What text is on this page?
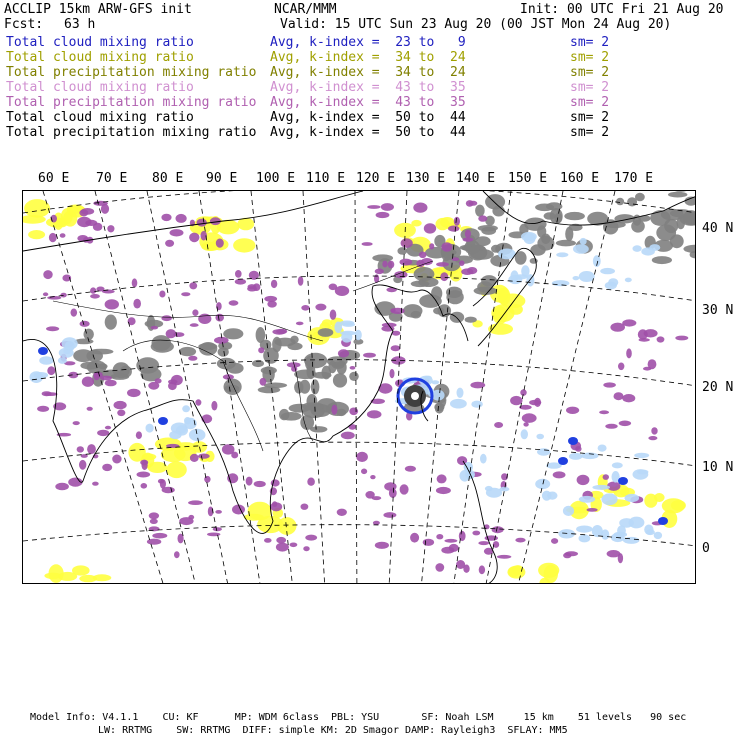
ACCLIP 15km ARW-GFS init	NCAR/MMM	Init: 00 UTC Fri 21 Aug 20
Fcst: 63 h	Valid: 15 UTC Sun 23 Aug 20 (00 JST Mon 24 Aug 20)
Total cloud mixing ratio	Avg, k-index =  23 to   9	sm= 2
Total cloud mixing ratio	Avg, k-index =  34 to  24	sm= 2
Total precipitation mixing ratio Avg, k-index =  34 to  24	sm= 2
Total cloud mixing ratio	Avg, k-index =  43 to  35	sm= 2
Total precipitation mixing ratio Avg, k-index =  43 to  35	sm= 2
Total cloud mixing ratio	Avg, k-index =  50 to  44	sm= 2
Total precipitation mixing ratio Avg, k-index =  50 to  44	sm= 2
60 E 70 E 80 E 90 E 100 E 110 E 120 E 130 E 140 E 150 E 160 E 170 E
40 N
30 N
20 N
10 N
0
Model Info: V4.1.1    CU: KF      MP: WDM 6class  PBL: YSU       SF: Noah LSM     15 km    51 levels   90 sec
LW: RRTMG    SW: RRTMG  DIFF: simple KM: 2D Smagor DAMP: Rayleigh3  SFLAY: MM5
